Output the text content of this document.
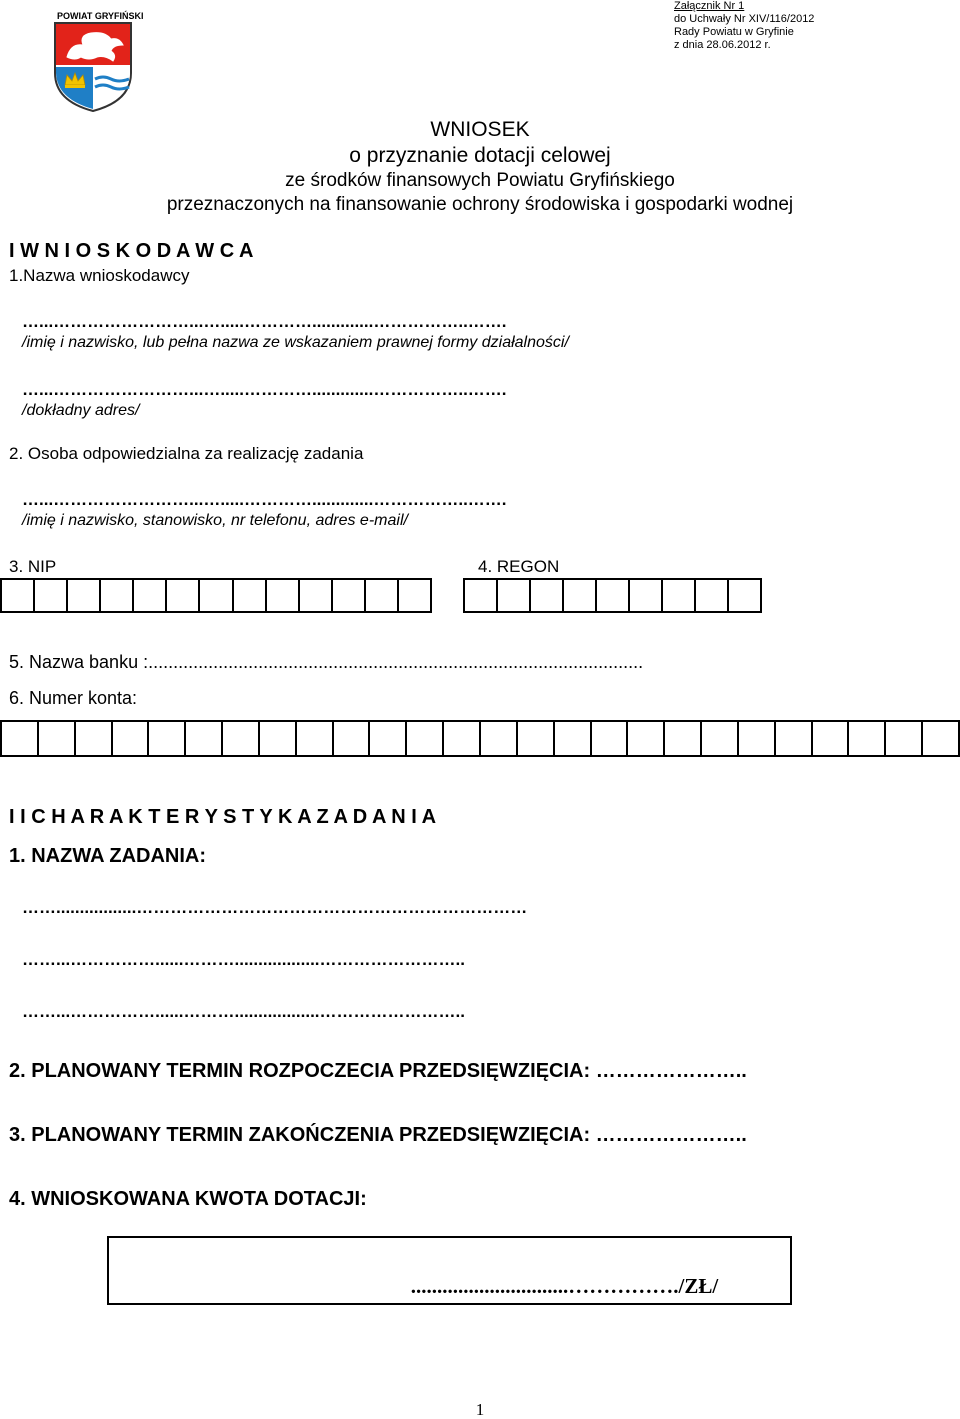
POWIAT GRYFIŃSKI
Załącznik Nr 1
do Uchwały Nr XIV/116/2012
Rady Powiatu w Gryfinie
z dnia 28.06.2012 r.
WNIOSEK
o przyznanie dotacji celowej
ze środków finansowych Powiatu Gryfińskiego
przeznaczonych na finansowanie ochrony środowiska i gospodarki wodnej
I W N I O S K O D A W C A
1.Nazwa wnioskodawcy
…...……………………...….....………….............……………..…….
/imię i nazwisko, lub pełna nazwa ze wskazaniem prawnej formy działalności/
…...……………………...….....………….............……………..…….
/dokładny adres/
2. Osoba odpowiedzialna za realizację zadania
…...……………………...….....………….............……………..…….
/imię i nazwisko, stanowisko, nr telefonu, adres e-mail/
3. NIP	4. REGON
5. Nazwa banku :...................................................................................................
6. Numer konta:
I I C H A R A K T E R Y S T Y K A Z A D A N I A
1. NAZWA ZADANIA:
…….................……………………………………………………………
……...……………......………..................……………………..
……...……………......………..................……………………..
2. PLANOWANY TERMIN ROZPOCZECIA PRZEDSIĘWZIĘCIA: …………………..
3. PLANOWANY TERMIN ZAKOŃCZENIA PRZEDSIĘWZIĘCIA: …………………..
4. WNIOSKOWANA KWOTA DOTACJI:
..............................……………./ZŁ/
1
